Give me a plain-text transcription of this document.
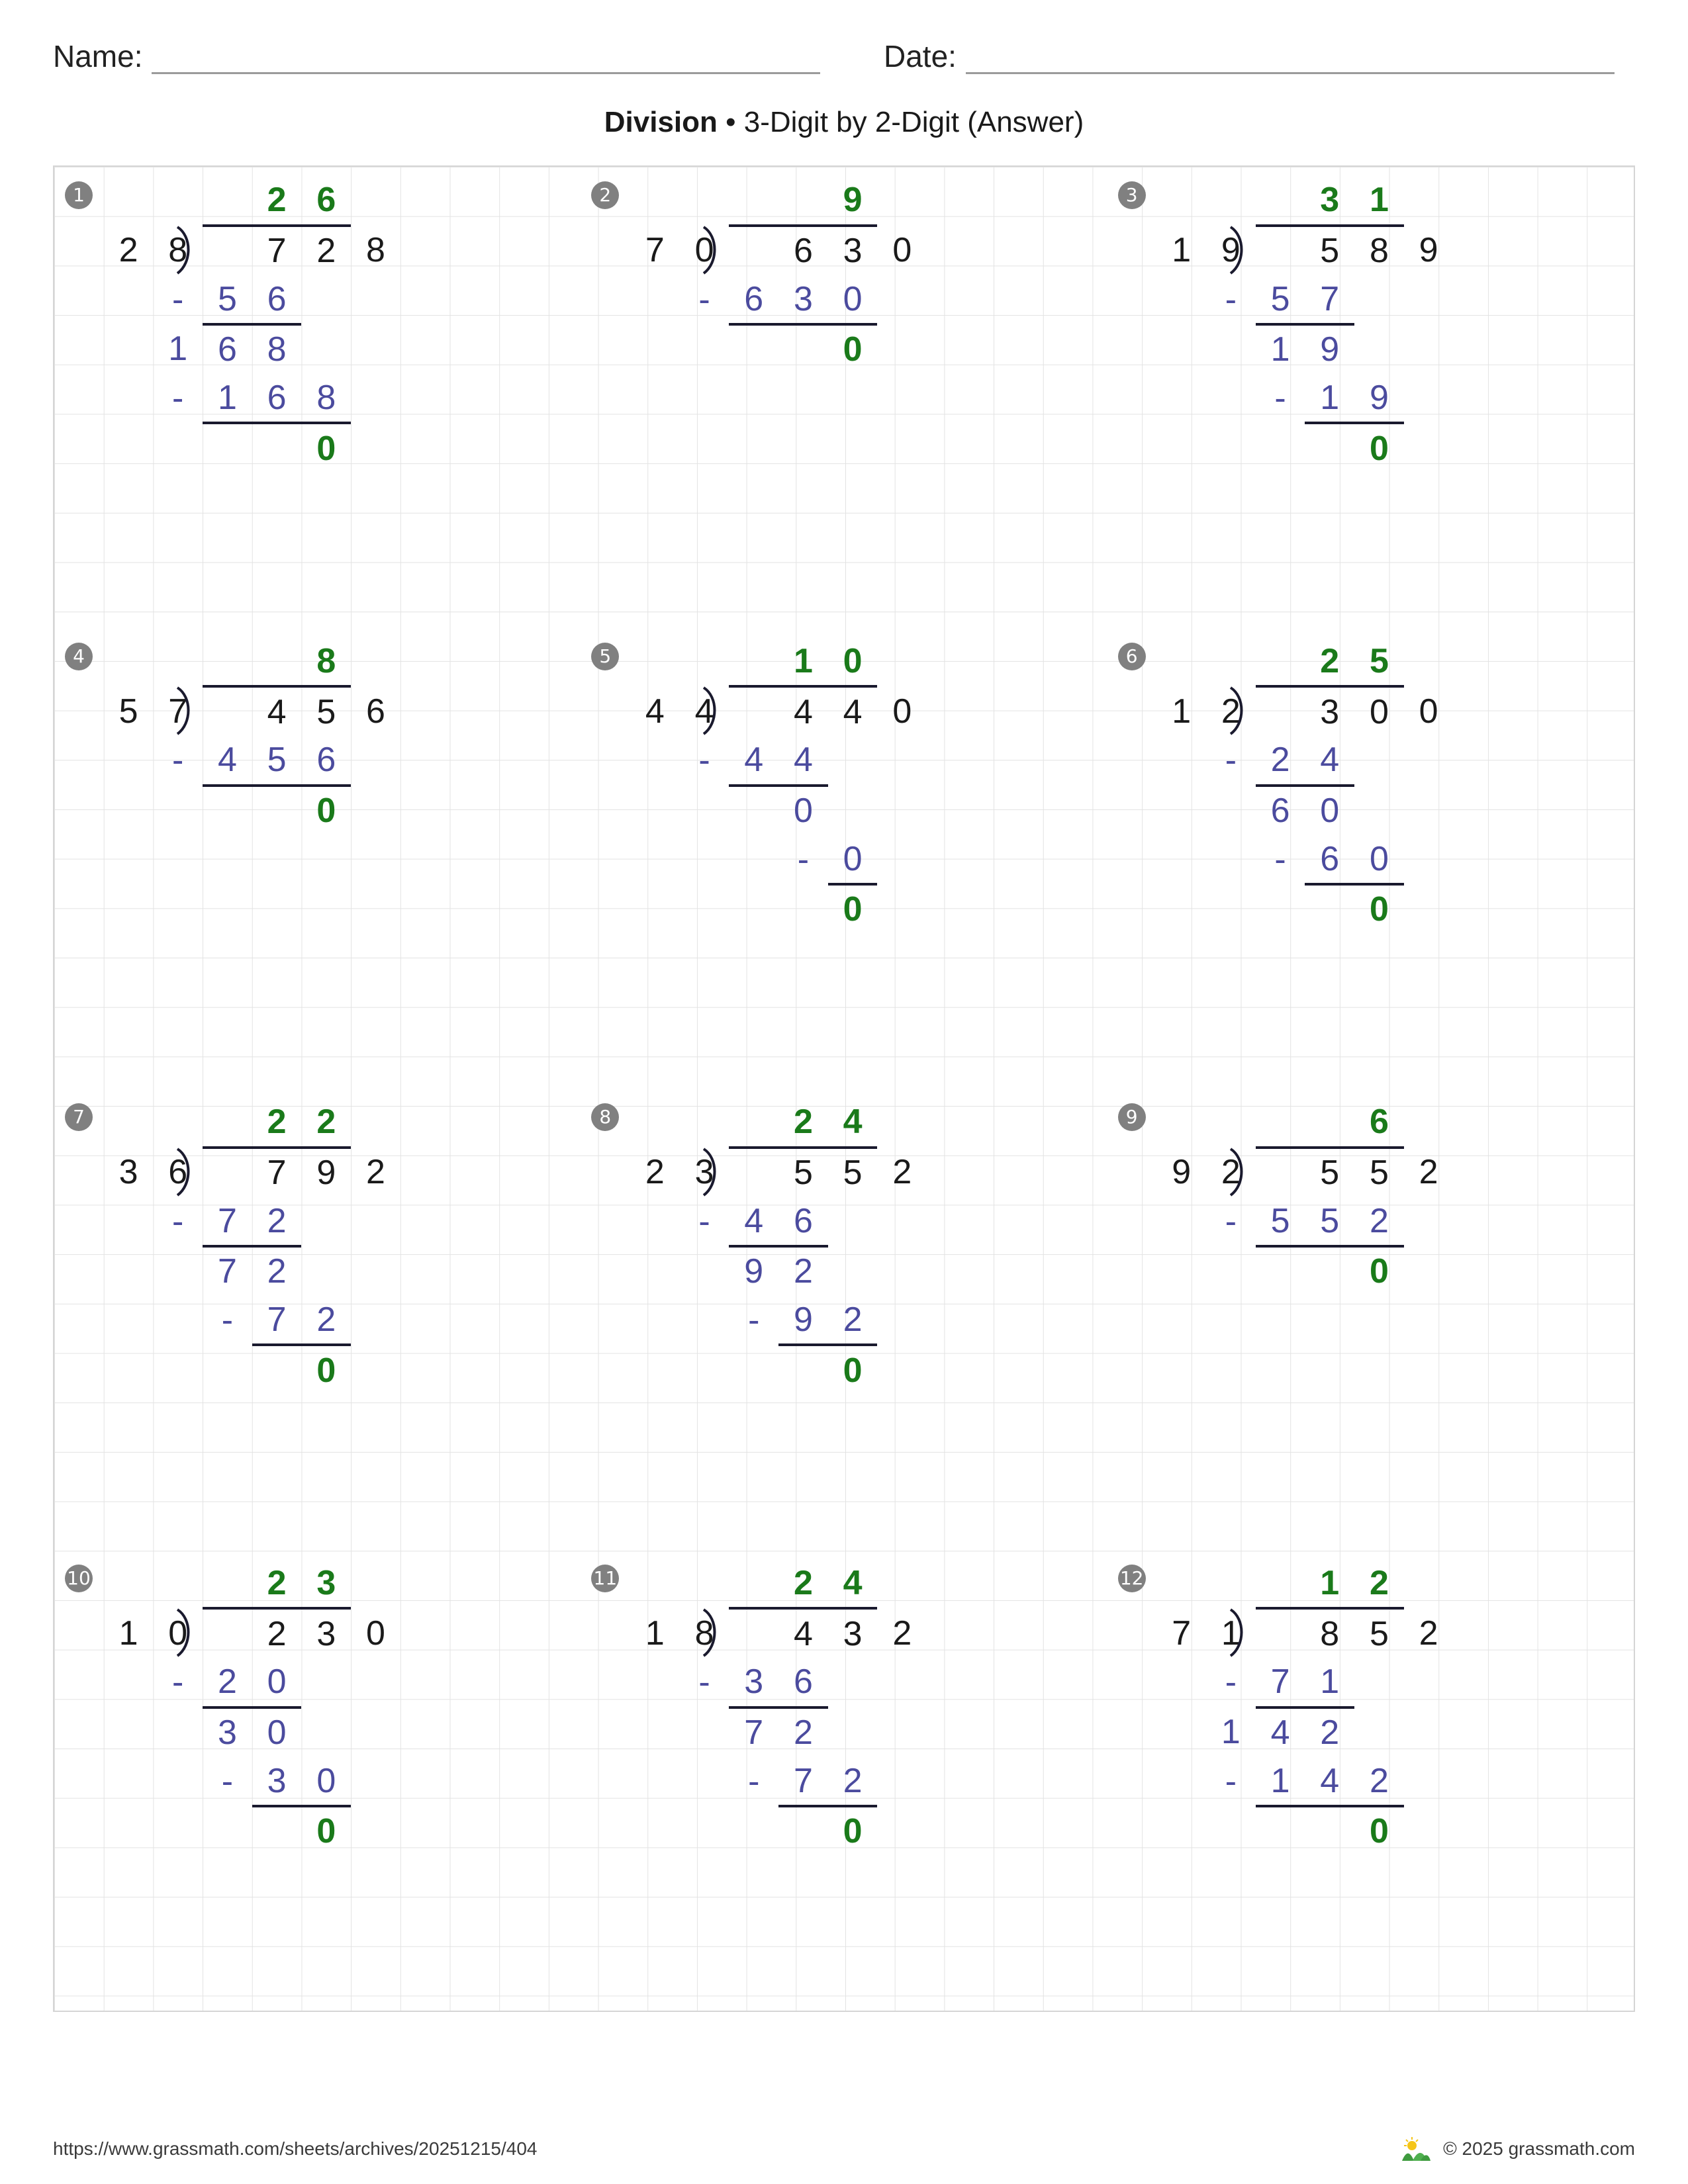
Name:	Date:
Division • 3-Digit by 2-Digit (Answer)
1
					2	6		
	2	8		7	2	8	
		-	5	6			
		1	6	8			
		-	1	6	8		
					0		
2
						9		
	7	0		6	3	0	
		-	6	3	0		
					0		
3
					3	1		
	1	9		5	8	9	
		-	5	7			
			1	9			
			-	1	9		
					0		
4
						8		
	5	7		4	5	6	
		-	4	5	6		
					0		
5
					1	0		
	4	4		4	4	0	
		-	4	4			
				0			
				-	0		
					0		
6
					2	5		
	1	2		3	0	0	
		-	2	4			
			6	0			
			-	6	0		
					0		
7
					2	2		
	3	6		7	9	2	
		-	7	2			
			7	2			
			-	7	2		
					0		
8
					2	4		
	2	3		5	5	2	
		-	4	6			
			9	2			
			-	9	2		
					0		
9
						6		
	9	2		5	5	2	
		-	5	5	2		
					0		
10
					2	3		
	1	0		2	3	0	
		-	2	0			
			3	0			
			-	3	0		
					0		
11
					2	4		
	1	8		4	3	2	
		-	3	6			
			7	2			
			-	7	2		
					0		
12
					1	2		
	7	1		8	5	2	
		-	7	1			
		1	4	2			
		-	1	4	2		
					0		
https://www.grassmath.com/sheets/archives/20251215/404	© 2025 grassmath.com
